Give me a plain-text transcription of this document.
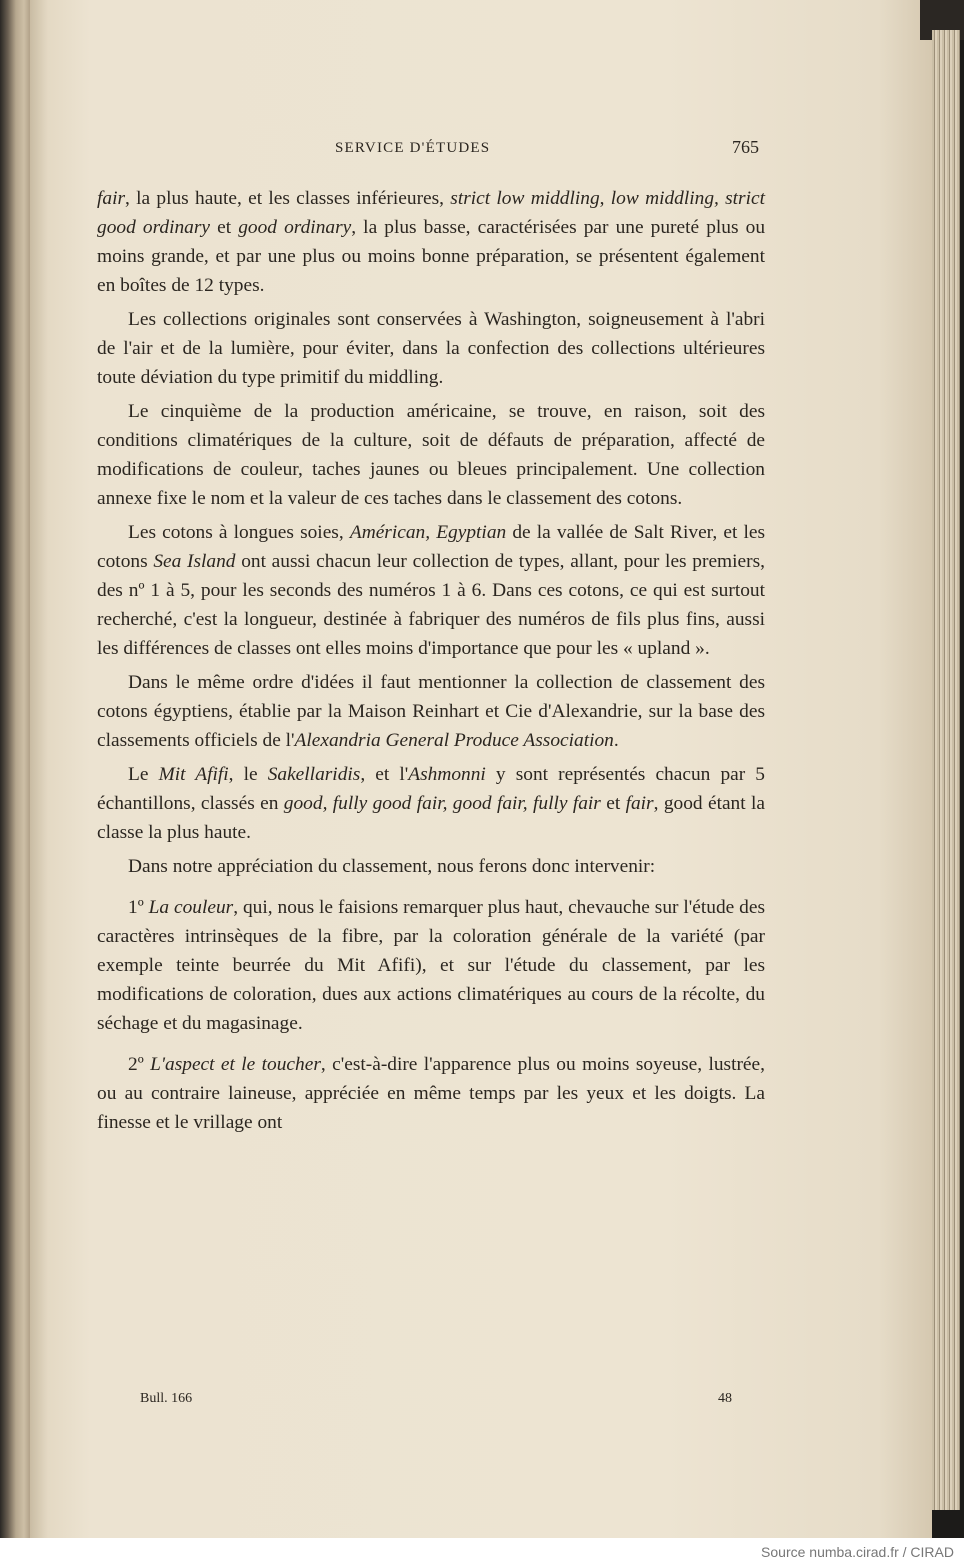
SERVICE D'ÉTUDES	765

fair, la plus haute, et les classes inférieures, strict low middling, low middling, strict good ordinary et good ordinary, la plus basse, caractérisées par une pureté plus ou moins grande, et par une plus ou moins bonne préparation, se présentent également en boîtes de 12 types.

Les collections originales sont conservées à Washington, soigneusement à l'abri de l'air et de la lumière, pour éviter, dans la confection des collections ultérieures toute déviation du type primitif du middling.

Le cinquième de la production américaine, se trouve, en raison, soit des conditions climatériques de la culture, soit de défauts de préparation, affecté de modifications de couleur, taches jaunes ou bleues principalement. Une collection annexe fixe le nom et la valeur de ces taches dans le classement des cotons.

Les cotons à longues soies, Américan, Egyptian de la vallée de Salt River, et les cotons Sea Island ont aussi chacun leur collection de types, allant, pour les premiers, des nº 1 à 5, pour les seconds des numéros 1 à 6. Dans ces cotons, ce qui est surtout recherché, c'est la longueur, destinée à fabriquer des numéros de fils plus fins, aussi les différences de classes ont elles moins d'importance que pour les « upland ».

Dans le même ordre d'idées il faut mentionner la collection de classement des cotons égyptiens, établie par la Maison Reinhart et Cie d'Alexandrie, sur la base des classements officiels de l'Alexandria General Produce Association.

Le Mit Afifi, le Sakellaridis, et l'Ashmonni y sont représentés chacun par 5 échantillons, classés en good, fully good fair, good fair, fully fair et fair, good étant la classe la plus haute.

Dans notre appréciation du classement, nous ferons donc intervenir:

1º La couleur, qui, nous le faisions remarquer plus haut, chevauche sur l'étude des caractères intrinsèques de la fibre, par la coloration générale de la variété (par exemple teinte beurrée du Mit Afifi), et sur l'étude du classement, par les modifications de coloration, dues aux actions climatériques au cours de la récolte, du séchage et du magasinage.

2º L'aspect et le toucher, c'est-à-dire l'apparence plus ou moins soyeuse, lustrée, ou au contraire laineuse, appréciée en même temps par les yeux et les doigts. La finesse et le vrillage ont

Bull. 166	48
Source numba.cirad.fr / CIRAD
